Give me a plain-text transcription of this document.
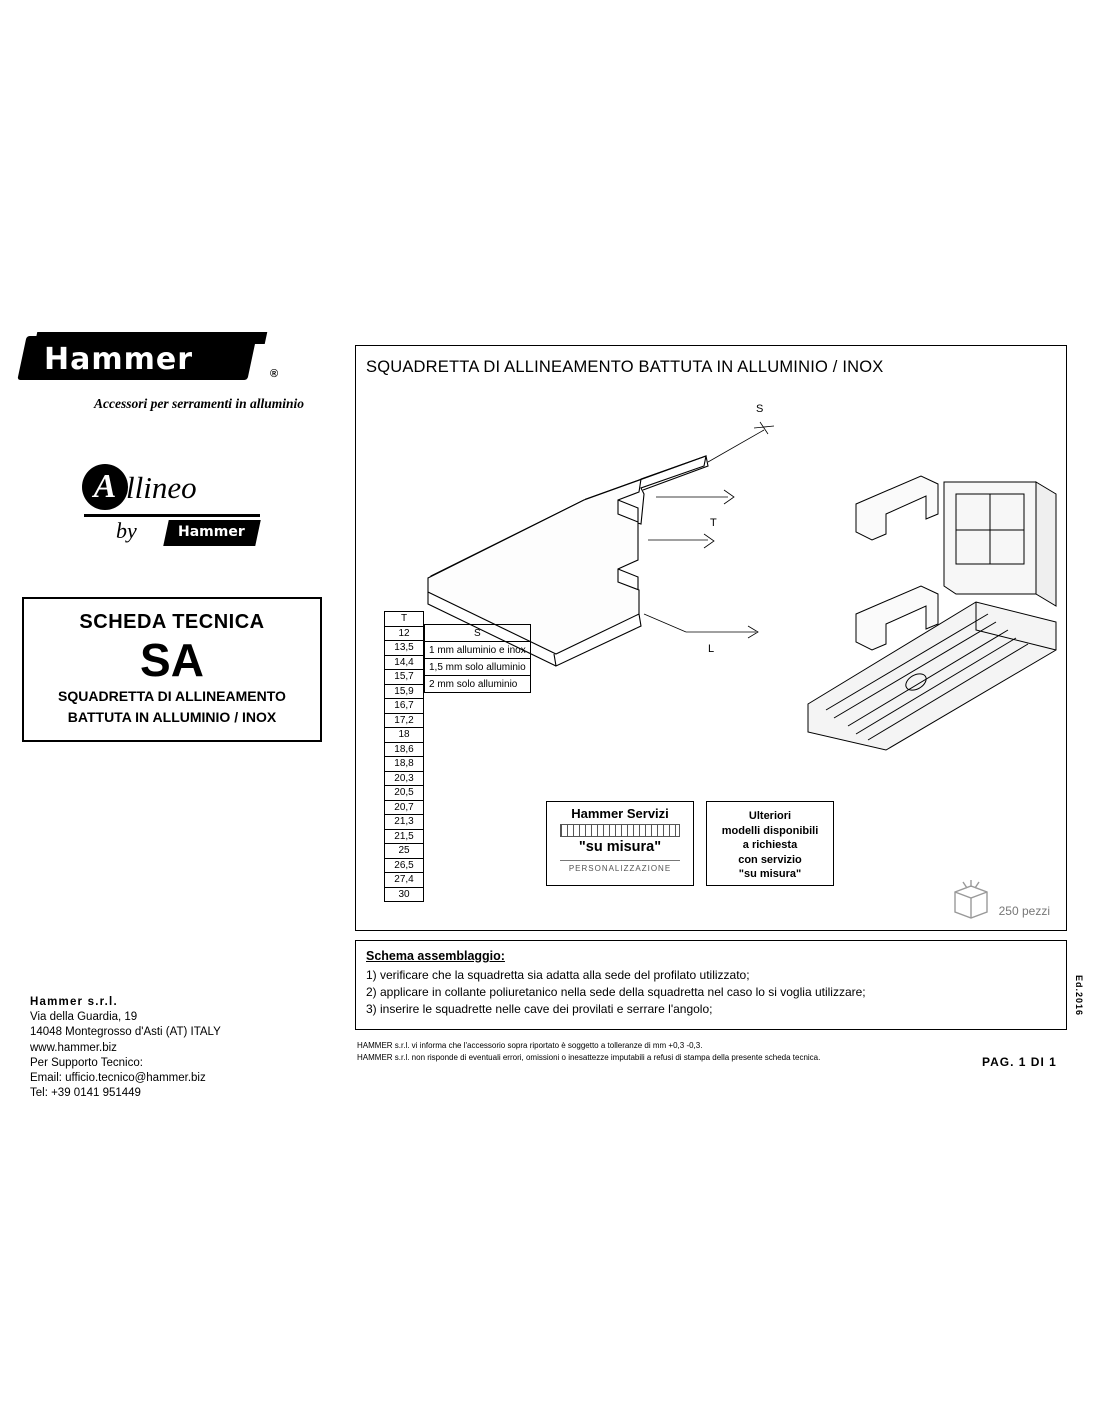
Hammer	®
Accessori per serramenti in alluminio
A llineo
by	Hammer
SCHEDA TECNICA
SA
SQUADRETTA DI ALLINEAMENTO
BATTUTA IN ALLUMINIO / INOX
Hammer s.r.l.
Via della Guardia, 19
14048 Montegrosso d'Asti (AT) ITALY
www.hammer.biz
Per Supporto Tecnico:
Email: ufficio.tecnico@hammer.biz
Tel: +39 0141 951449
SQUADRETTA DI ALLINEAMENTO BATTUTA IN ALLUMINIO / INOX
S
T
L
T
12
13,5
14,4
15,7
15,9
16,7
17,2
18
18,6
18,8
20,3
20,5
20,7
21,3
21,5
25
26,5
27,4
30
S
1 mm alluminio e inox
1,5 mm solo alluminio
2 mm solo alluminio
Hammer Servizi
"su misura"
PERSONALIZZAZIONE
Ulteriori
modelli disponibili
a richiesta
con servizio
"su misura"
250 pezzi
Schema assemblaggio:
1) verificare che la squadretta sia adatta alla sede del profilato utilizzato;
2) applicare in collante poliuretanico nella sede della squadretta nel caso lo si voglia utilizzare;
3) inserire le squadrette nelle cave dei provilati e serrare l'angolo;	Ed.2016
HAMMER s.r.l. vi informa che l'accessorio sopra riportato è soggetto a tolleranze di mm +0,3 -0,3.
HAMMER s.r.l. non risponde di eventuali errori, omissioni o inesattezze imputabili a refusi di stampa della presente scheda tecnica.	PAG. 1 DI 1
